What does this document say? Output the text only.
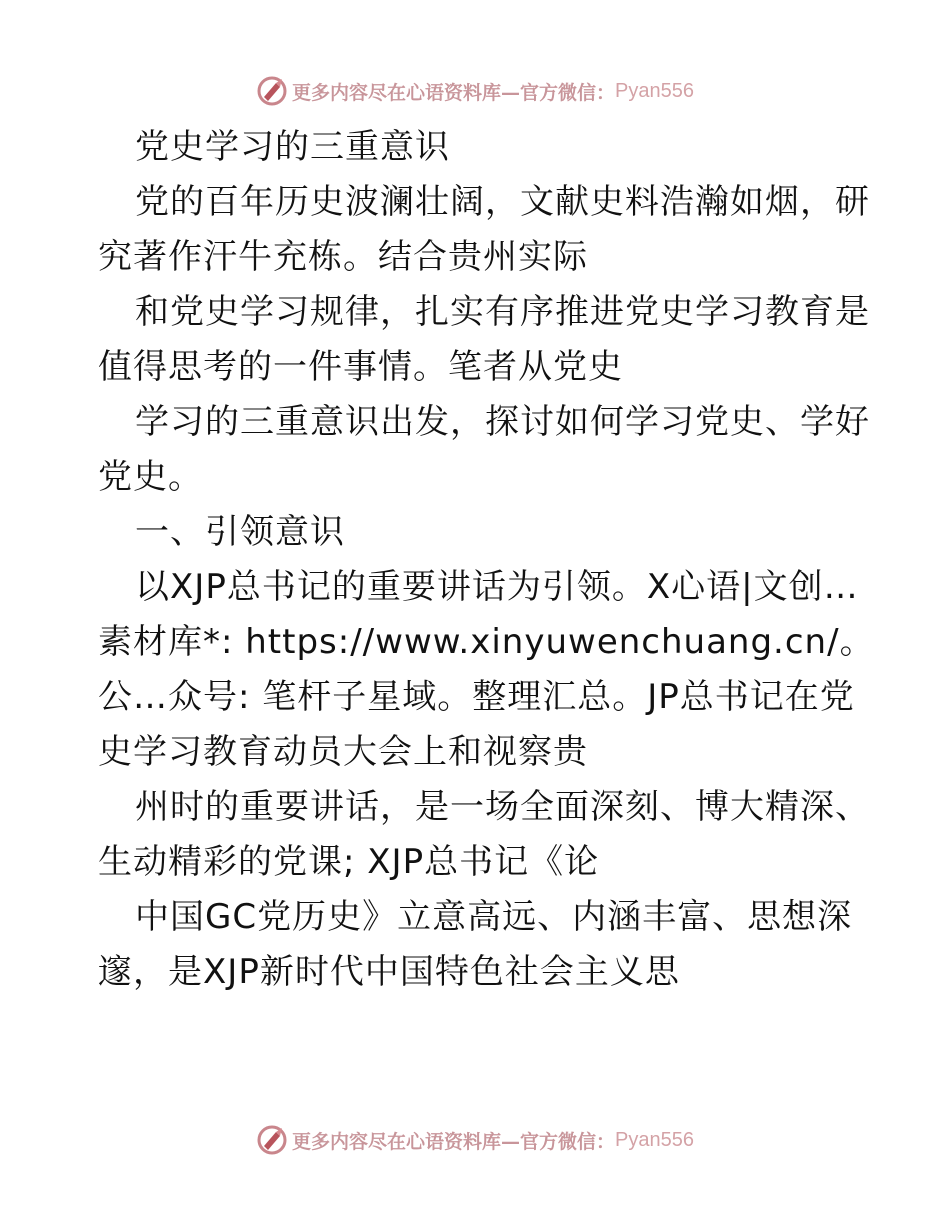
更多内容尽在心语资料库—官方微信： Pyan556
党史学习的三重意识
党的百年历史波澜壮阔，文献史料浩瀚如烟，研
究著作汗牛充栋。结合贵州实际
和党史学习规律，扎实有序推进党史学习教育是
值得思考的一件事情。笔者从党史
学习的三重意识出发，探讨如何学习党史、学好
党史。
一、引领意识
以XJP总书记的重要讲话为引领。X心语|文创…
素材库*: https://www.xinyuwenchuang.cn/。
公…众号: 笔杆子星域。整理汇总。JP总书记在党
史学习教育动员大会上和视察贵
州时的重要讲话，是一场全面深刻、博大精深、
生动精彩的党课; XJP总书记《论
中国GC党历史》立意高远、内涵丰富、思想深
邃，是XJP新时代中国特色社会主义思
更多内容尽在心语资料库—官方微信： Pyan556
